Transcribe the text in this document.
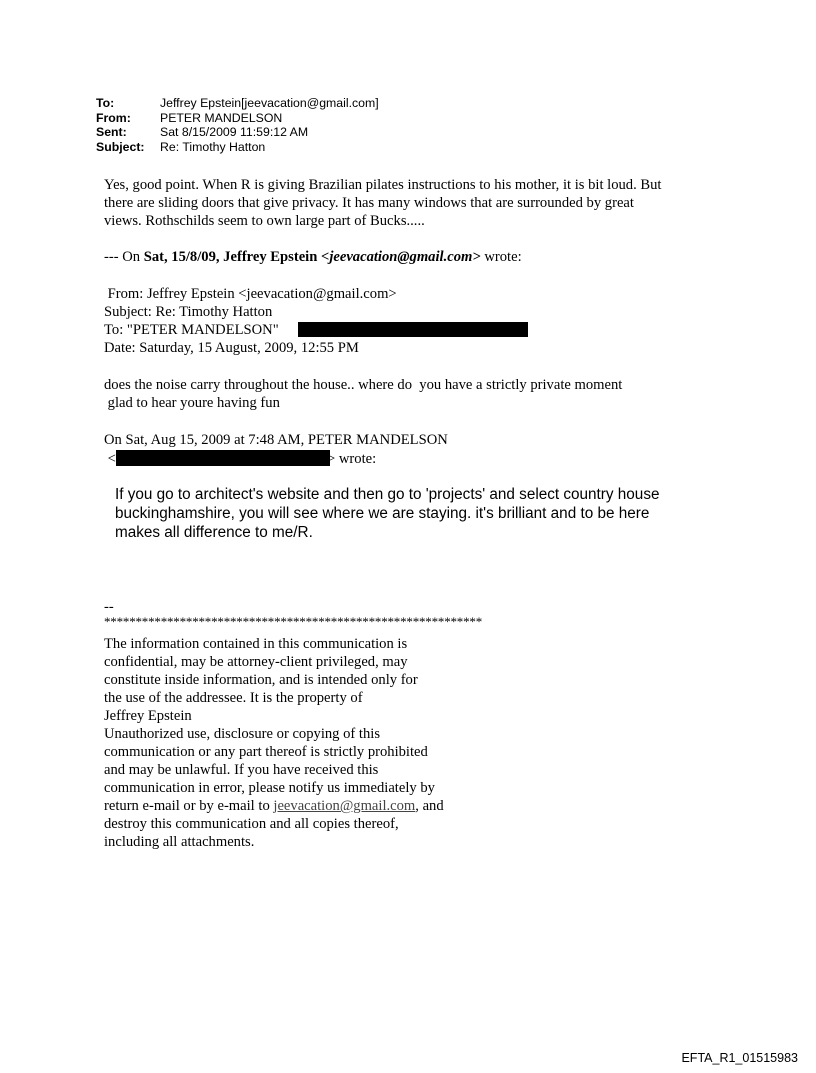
To:	Jeffrey Epstein[jeevacation@gmail.com]
From:	PETER MANDELSON
Sent:	Sat 8/15/2009 11:59:12 AM
Subject:	Re: Timothy Hatton
Yes, good point. When R is giving Brazilian pilates instructions to his mother, it is bit loud. But
there are sliding doors that give privacy. It has many windows that are surrounded by great
views. Rothschilds seem to own large part of Bucks.....
--- On Sat, 15/8/09, Jeffrey Epstein <jeevacation@gmail.com> wrote:
From: Jeffrey Epstein <jeevacation@gmail.com>
Subject: Re: Timothy Hatton
To: "PETER MANDELSON"
Date: Saturday, 15 August, 2009, 12:55 PM
does the noise carry throughout the house.. where do  you have a strictly private moment
glad to hear youre having fun
On Sat, Aug 15, 2009 at 7:48 AM, PETER MANDELSON
<	> wrote:
If you go to architect's website and then go to 'projects' and select country house
buckinghamshire, you will see where we are staying. it's brilliant and to be here
makes all difference to me/R.
--
************************************************************
The information contained in this communication is
confidential, may be attorney-client privileged, may
constitute inside information, and is intended only for
the use of the addressee. It is the property of
Jeffrey Epstein
Unauthorized use, disclosure or copying of this
communication or any part thereof is strictly prohibited
and may be unlawful. If you have received this
communication in error, please notify us immediately by
return e-mail or by e-mail to jeevacation@gmail.com, and
destroy this communication and all copies thereof,
including all attachments.
EFTA_R1_01515983
